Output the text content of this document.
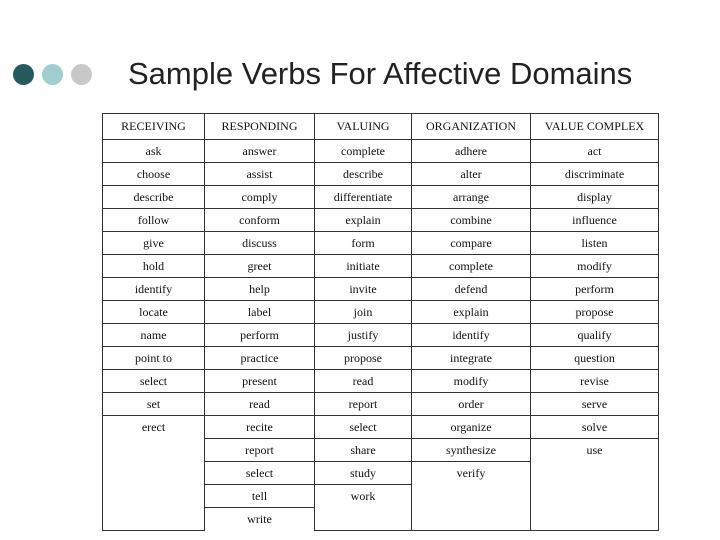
Sample Verbs For Affective Domains
RECEIVING	RESPONDING	VALUING	ORGANIZATION	VALUE COMPLEX
ask	answer	complete	adhere	act
choose	assist	describe	alter	discriminate
describe	comply	differentiate	arrange	display
follow	conform	explain	combine	influence
give	discuss	form	compare	listen
hold	greet	initiate	complete	modify
identify	help	invite	defend	perform
locate	label	join	explain	propose
name	perform	justify	identify	qualify
point to	practice	propose	integrate	question
select	present	read	modify	revise
set	read	report	order	serve
erect	recite	select	organize	solve
	report	share	synthesize	use
	select	study	verify	
	tell	work		
	write			
